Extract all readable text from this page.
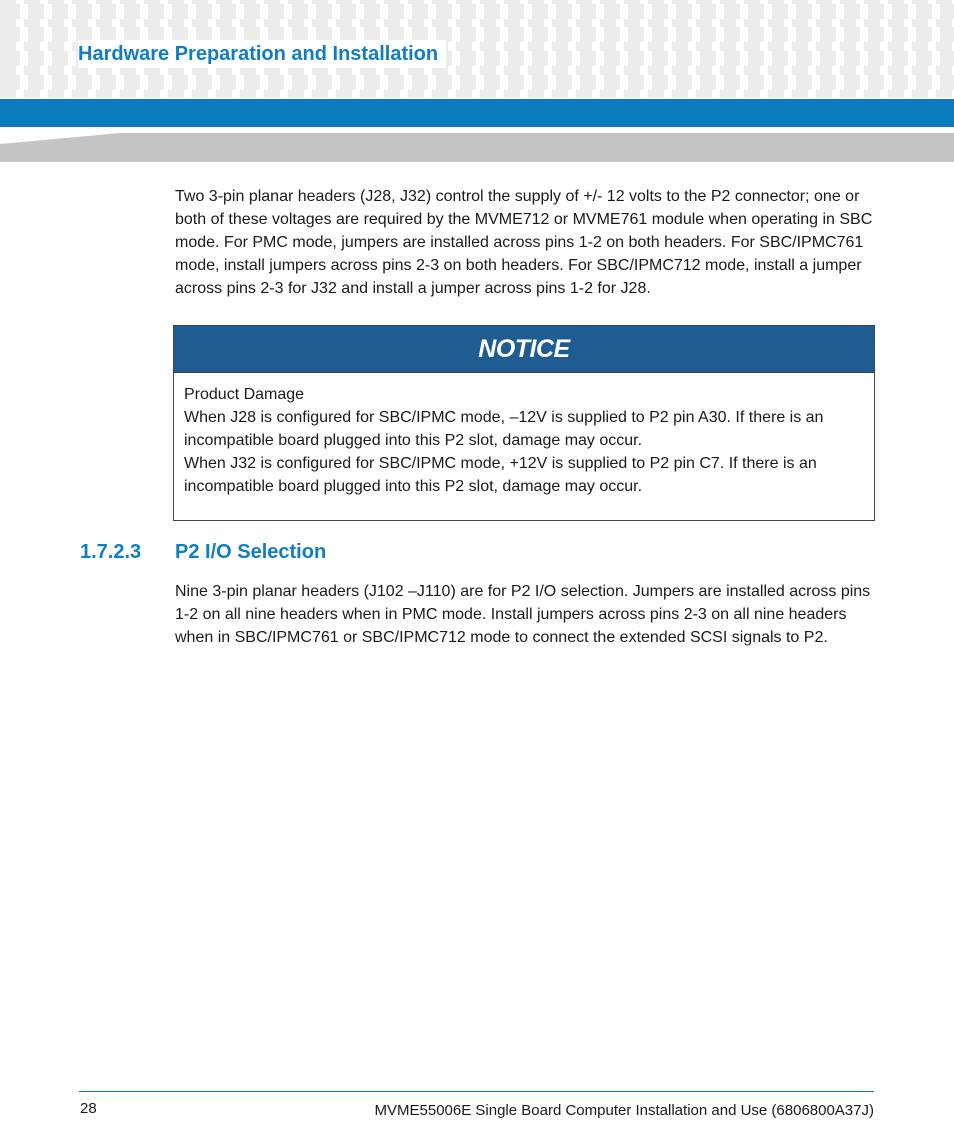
Hardware Preparation and Installation

Two 3-pin planar headers (J28, J32) control the supply of +/- 12 volts to the P2 connector; one or both of these voltages are required by the MVME712 or MVME761 module when operating in SBC mode. For PMC mode, jumpers are installed across pins 1-2 on both headers. For SBC/IPMC761 mode, install jumpers across pins 2-3 on both headers. For SBC/IPMC712 mode, install a jumper across pins 2-3 for J32 and install a jumper across pins 1-2 for J28.

NOTICE

Product Damage

When J28 is configured for SBC/IPMC mode, –12V is supplied to P2 pin A30. If there is an incompatible board plugged into this P2 slot, damage may occur.

When J32 is configured for SBC/IPMC mode, +12V is supplied to P2 pin C7. If there is an incompatible board plugged into this P2 slot, damage may occur.

1.7.2.3 P2 I/O Selection

Nine 3-pin planar headers (J102 –J110) are for P2 I/O selection. Jumpers are installed across pins 1-2 on all nine headers when in PMC mode. Install jumpers across pins 2-3 on all nine headers when in SBC/IPMC761 or SBC/IPMC712 mode to connect the extended SCSI signals to P2.

28	MVME55006E Single Board Computer Installation and Use (6806800A37J)
